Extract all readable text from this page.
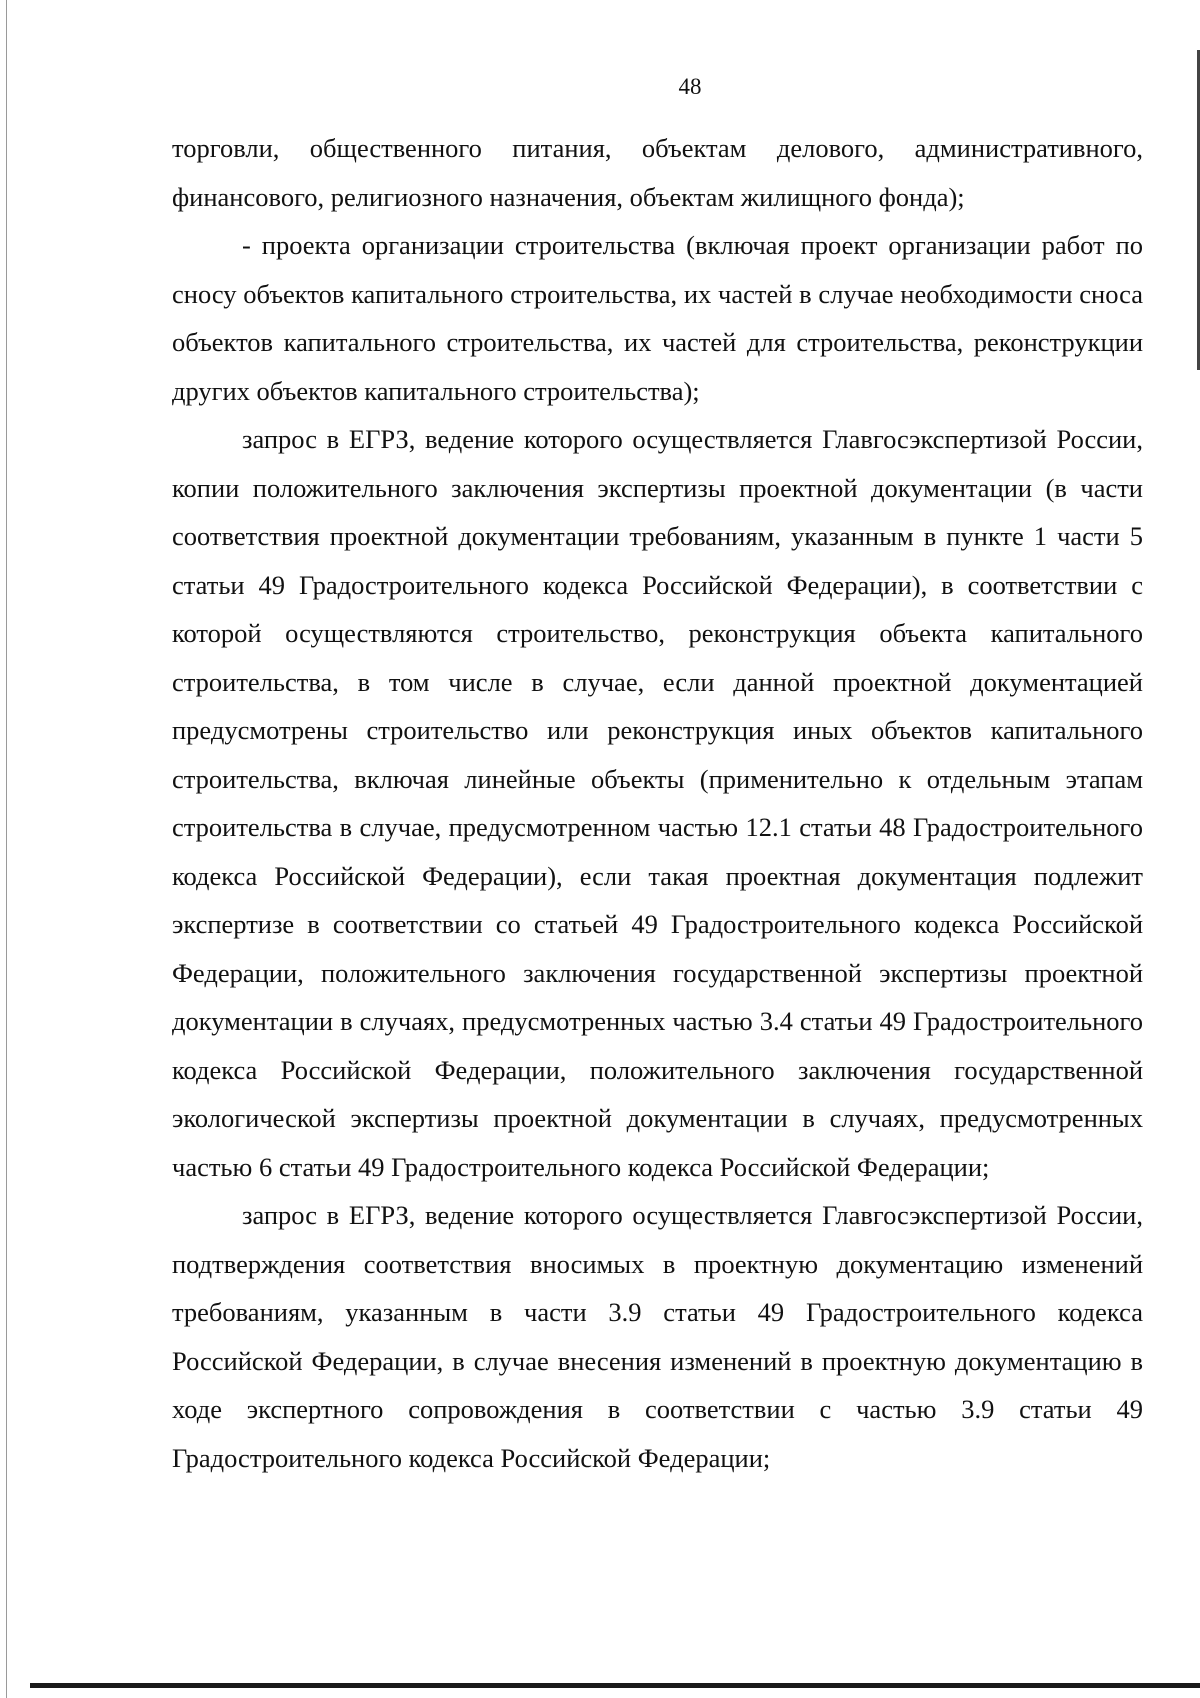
48

торговли, общественного питания, объектам делового, административного, финансового, религиозного назначения, объектам жилищного фонда);

- проекта организации строительства (включая проект организации работ по сносу объектов капитального строительства, их частей в случае необходимости сноса объектов капитального строительства, их частей для строительства, реконструкции других объектов капитального строительства);

запрос в ЕГРЗ, ведение которого осуществляется Главгосэкспертизой России, копии положительного заключения экспертизы проектной документации (в части соответствия проектной документации требованиям, указанным в пункте 1 части 5 статьи 49 Градостроительного кодекса Российской Федерации), в соответствии с которой осуществляются строительство, реконструкция объекта капитального строительства, в том числе в случае, если данной проектной документацией предусмотрены строительство или реконструкция иных объектов капитального строительства, включая линейные объекты (применительно к отдельным этапам строительства в случае, предусмотренном частью 12.1 статьи 48 Градостроительного кодекса Российской Федерации), если такая проектная документация подлежит экспертизе в соответствии со статьей 49 Градостроительного кодекса Российской Федерации, положительного заключения государственной экспертизы проектной документации в случаях, предусмотренных частью 3.4 статьи 49 Градостроительного кодекса Российской Федерации, положительного заключения государственной экологической экспертизы проектной документации в случаях, предусмотренных частью 6 статьи 49 Градостроительного кодекса Российской Федерации;

запрос в ЕГРЗ, ведение которого осуществляется Главгосэкспертизой России, подтверждения соответствия вносимых в проектную документацию изменений требованиям, указанным в части 3.9 статьи 49 Градостроительного кодекса Российской Федерации, в случае внесения изменений в проектную документацию в ходе экспертного сопровождения в соответствии с частью 3.9 статьи 49 Градостроительного кодекса Российской Федерации;
